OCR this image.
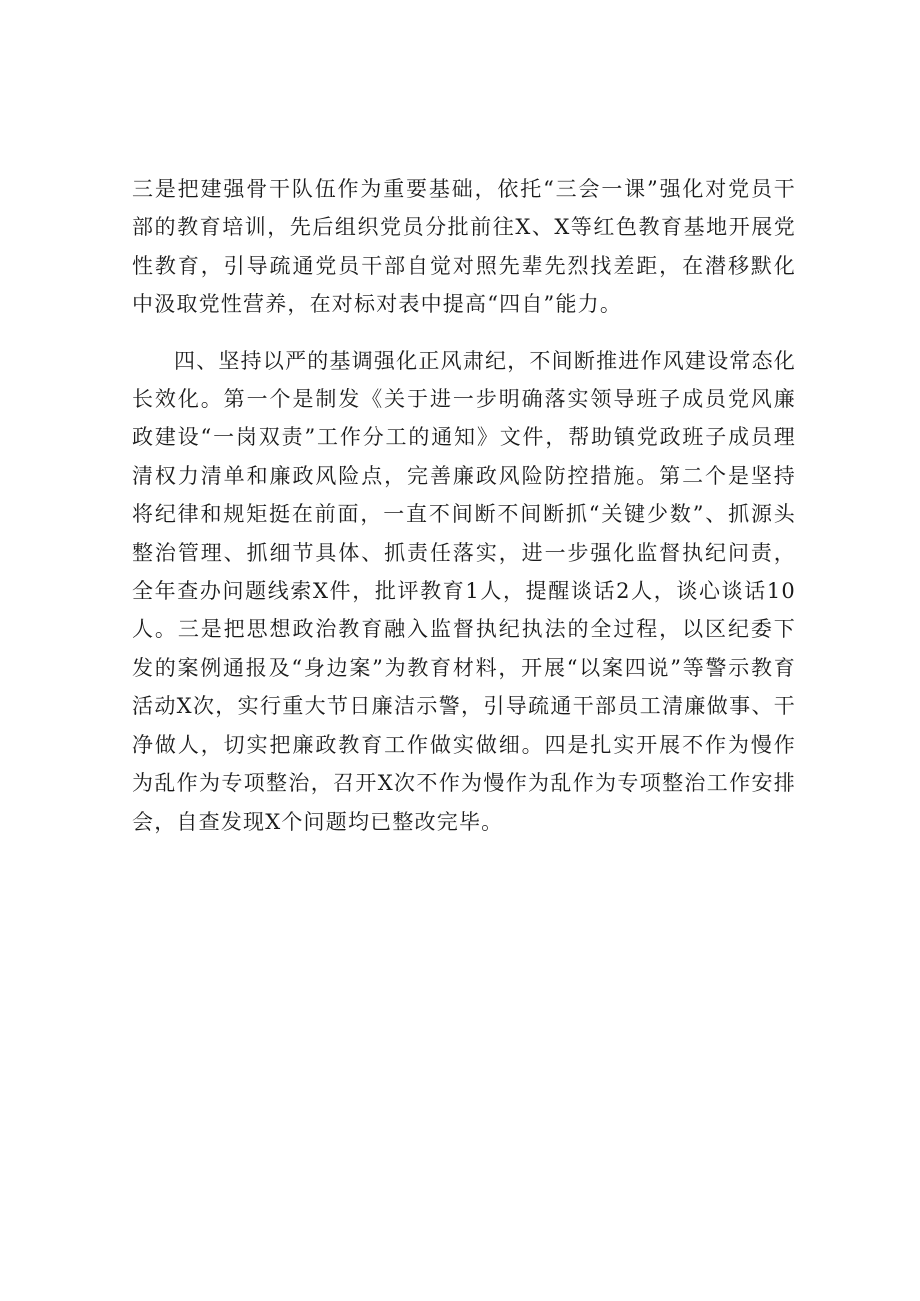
三是把建强骨干队伍作为重要基础，依托“三会一课”强化对党员干部的教育培训，先后组织党员分批前往X、X等红色教育基地开展党性教育，引导疏通党员干部自觉对照先辈先烈找差距，在潜移默化中汲取党性营养，在对标对表中提高“四自”能力。

四、坚持以严的基调强化正风肃纪，不间断推进作风建设常态化长效化。第一个是制发《关于进一步明确落实领导班子成员党风廉政建设“一岗双责”工作分工的通知》文件，帮助镇党政班子成员理清权力清单和廉政风险点，完善廉政风险防控措施。第二个是坚持将纪律和规矩挺在前面，一直不间断不间断抓“关键少数”、抓源头整治管理、抓细节具体、抓责任落实，进一步强化监督执纪问责，全年查办问题线索X件，批评教育1人，提醒谈话2人，谈心谈话10人。三是把思想政治教育融入监督执纪执法的全过程，以区纪委下发的案例通报及“身边案”为教育材料，开展“以案四说”等警示教育活动X次，实行重大节日廉洁示警，引导疏通干部员工清廉做事、干净做人，切实把廉政教育工作做实做细。四是扎实开展不作为慢作为乱作为专项整治，召开X次不作为慢作为乱作为专项整治工作安排会，自查发现X个问题均已整改完毕。
